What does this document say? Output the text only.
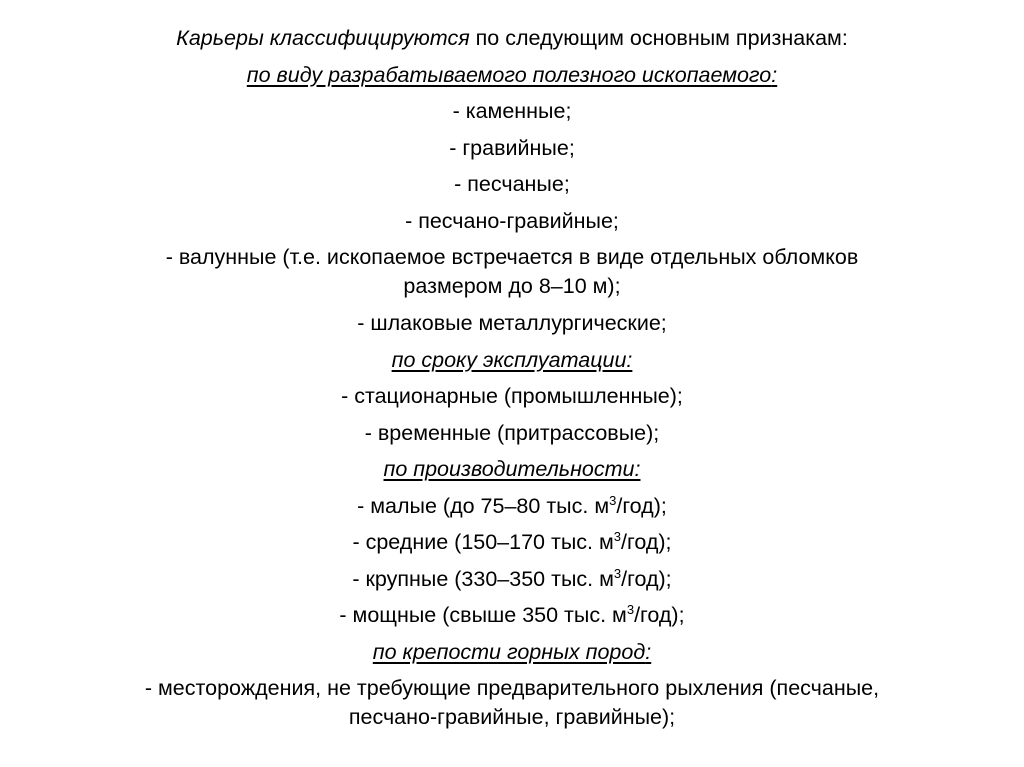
Карьеры классифицируются по следующим основным признакам:

по виду разрабатываемого полезного ископаемого:

- каменные;

- гравийные;

- песчаные;

- песчано-гравийные;

- валунные (т.е. ископаемое встречается в виде отдельных обломков

размером до 8–10 м);

- шлаковые металлургические;

по сроку эксплуатации:

- стационарные (промышленные);

- временные (притрассовые);

по производительности:

- малые (до 75–80 тыс. $м^3/год$);

- средние (150–170 тыс. $м^3/год$);

- крупные (330–350 тыс. $м^3/год$);

- мощные (свыше 350 тыс. $м^3/год$);

по крепости горных пород:

- месторождения, не требующие предварительного рыхления (песчаные,

песчано-гравийные, гравийные);
